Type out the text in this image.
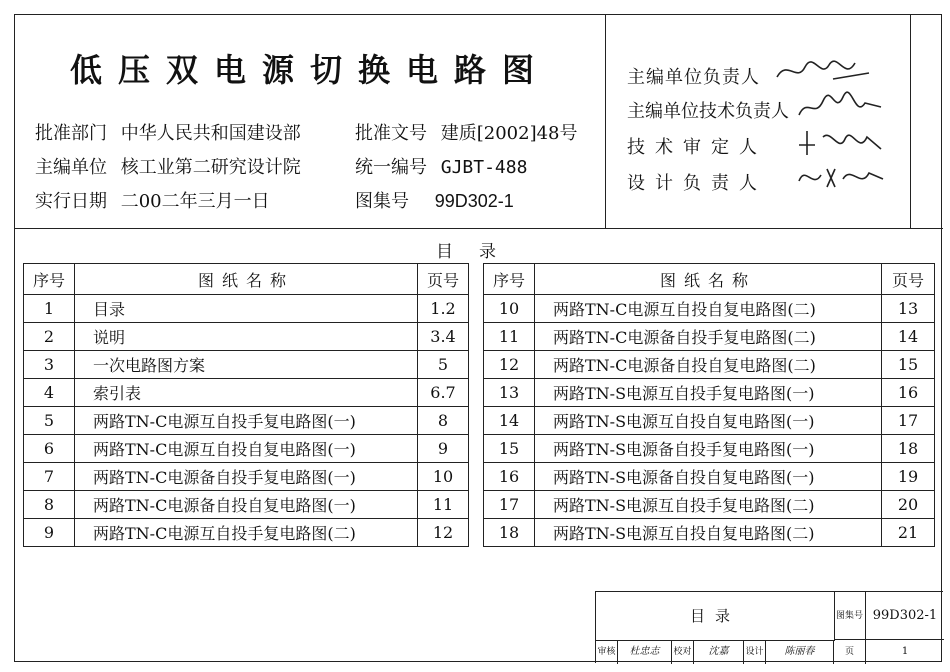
低压双电源切换电路图
批准部门 中华人民共和国建设部
主编单位 核工业第二研究设计院
实行日期 二00二年三月一日
批准文号 建质[2002]48号
统一编号 GJBT-488
图集号 99D302-1
主编单位负责人
主编单位技术负责人
技术审定人
设计负责人
目录
序号	图纸名称	页号
1	目录	1.2
2	说明	3.4
3	一次电路图方案	5
4	索引表	6.7
5	两路TN-C电源互自投手复电路图(一)	8
6	两路TN-C电源互自投自复电路图(一)	9
7	两路TN-C电源备自投手复电路图(一)	10
8	两路TN-C电源备自投自复电路图(一)	11
9	两路TN-C电源互自投手复电路图(二)	12
序号	图纸名称	页号
10	两路TN-C电源互自投自复电路图(二)	13
11	两路TN-C电源备自投手复电路图(二)	14
12	两路TN-C电源备自投自复电路图(二)	15
13	两路TN-S电源互自投手复电路图(一)	16
14	两路TN-S电源互自投自复电路图(一)	17
15	两路TN-S电源备自投手复电路图(一)	18
16	两路TN-S电源备自投自复电路图(一)	19
17	两路TN-S电源互自投手复电路图(二)	20
18	两路TN-S电源互自投自复电路图(二)	21
目录	图集号 99D302-1
审核	杜忠志	校对	沈嘉	设计	陈丽春	页	1
